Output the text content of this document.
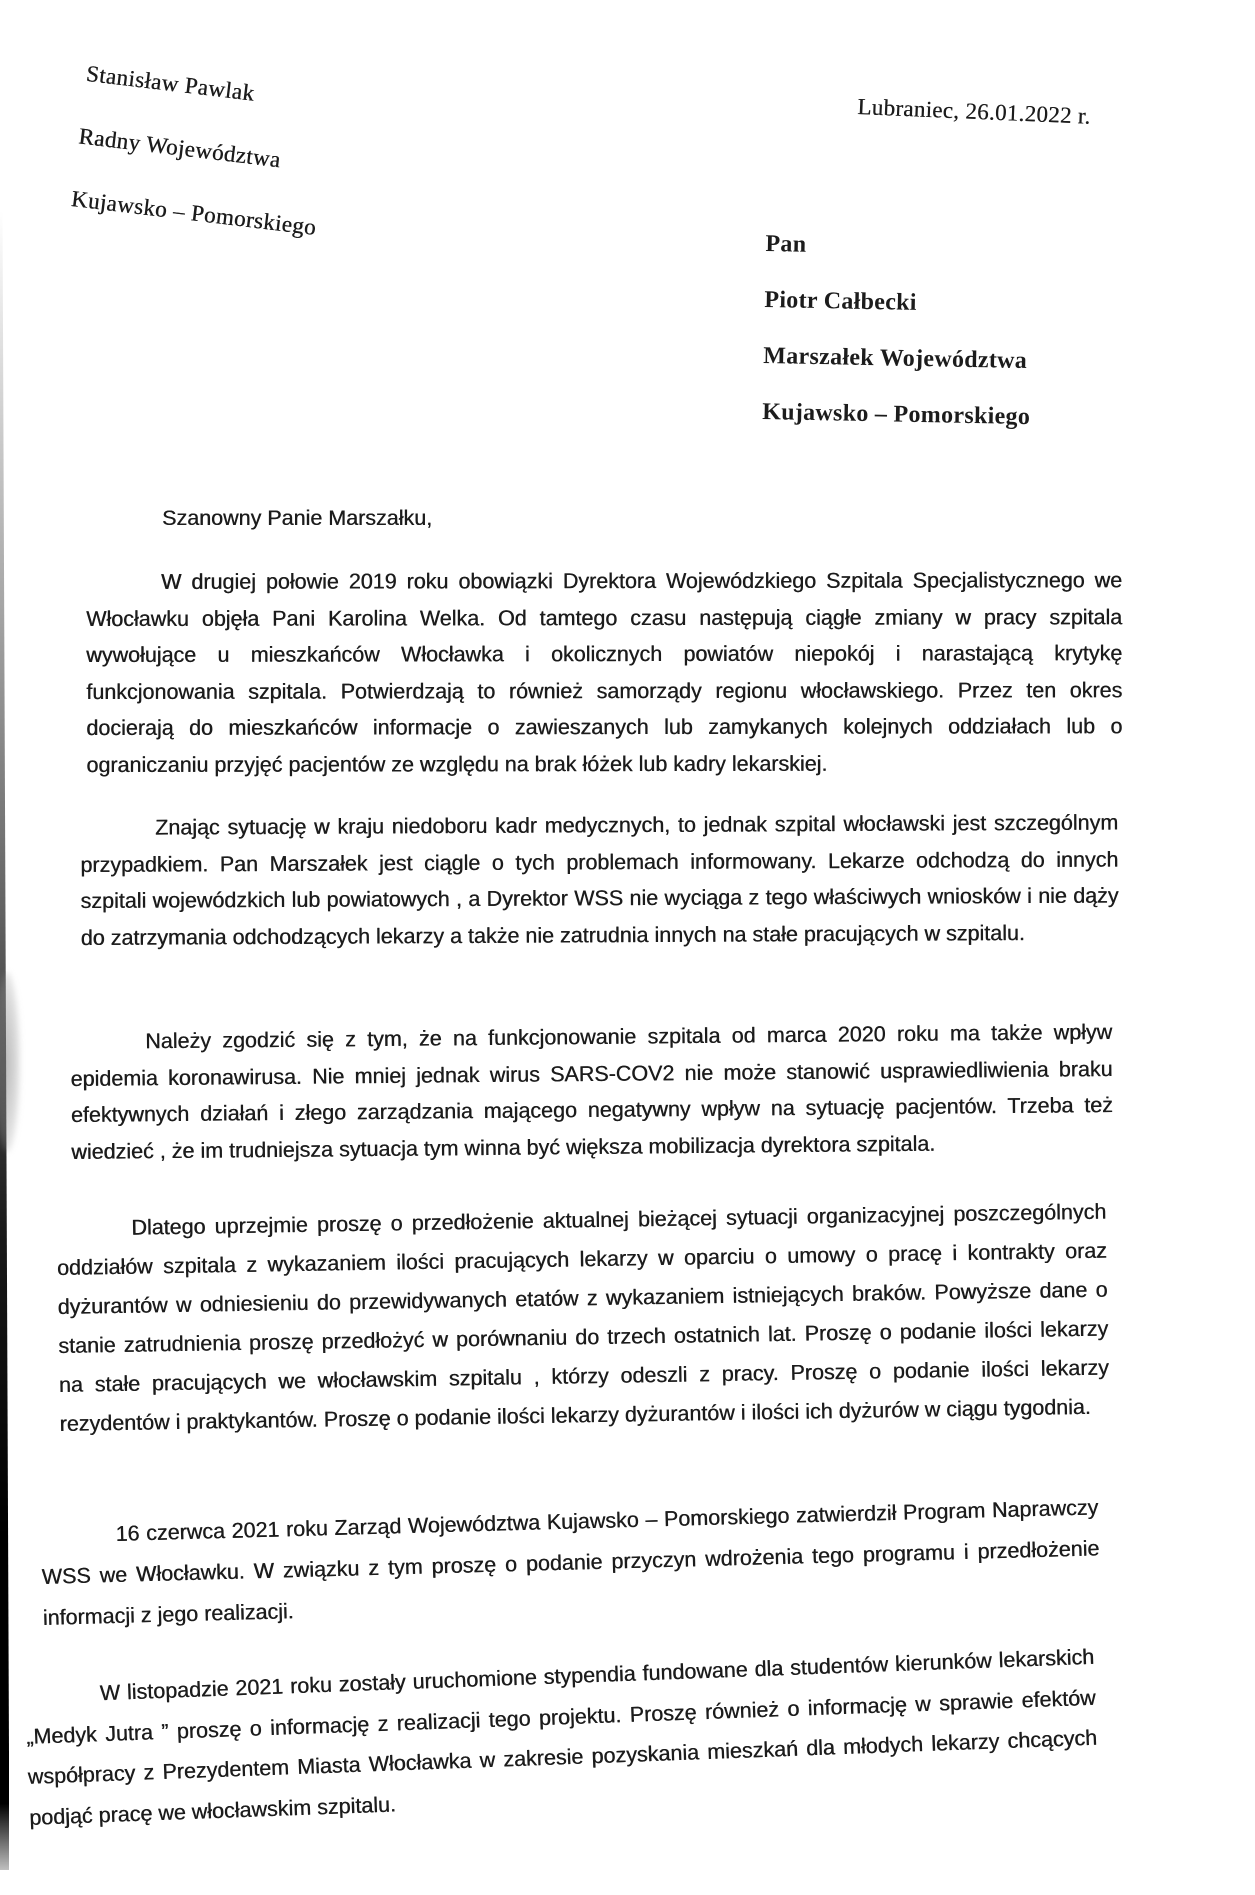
Stanisław Pawlak
Radny Województwa
Kujawsko – Pomorskiego
Lubraniec, 26.01.2022 r.
Pan
Piotr Całbecki
Marszałek Województwa
Kujawsko – Pomorskiego
Szanowny Panie Marszałku,
W drugiej połowie 2019 roku obowiązki Dyrektora Wojewódzkiego Szpitala Specjalistycznego we Włocławku objęła Pani Karolina Welka. Od tamtego czasu następują ciągłe zmiany w pracy szpitala wywołujące u mieszkańców Włocławka i okolicznych powiatów niepokój i narastającą krytykę funkcjonowania szpitala. Potwierdzają to również samorządy regionu włocławskiego. Przez ten okres docierają do mieszkańców informacje o zawieszanych lub zamykanych kolejnych oddziałach lub o ograniczaniu przyjęć pacjentów ze względu na brak łóżek lub kadry lekarskiej.
Znając sytuację w kraju niedoboru kadr medycznych, to jednak szpital włocławski jest szczególnym przypadkiem. Pan Marszałek jest ciągle o tych problemach informowany. Lekarze odchodzą do innych szpitali wojewódzkich lub powiatowych , a Dyrektor WSS nie wyciąga z tego właściwych wniosków i nie dąży do zatrzymania odchodzących lekarzy a także nie zatrudnia innych na stałe pracujących w szpitalu.
Należy zgodzić się z tym, że na funkcjonowanie szpitala od marca 2020 roku ma także wpływ epidemia koronawirusa. Nie mniej jednak wirus SARS-COV2 nie może stanowić usprawiedliwienia braku efektywnych działań i złego zarządzania mającego negatywny wpływ na sytuację pacjentów. Trzeba też wiedzieć , że im trudniejsza sytuacja tym winna być większa mobilizacja dyrektora szpitala.
Dlatego uprzejmie proszę o przedłożenie aktualnej bieżącej sytuacji organizacyjnej poszczególnych oddziałów szpitala z wykazaniem ilości pracujących lekarzy w oparciu o umowy o pracę i kontrakty oraz dyżurantów w odniesieniu do przewidywanych etatów z wykazaniem istniejących braków. Powyższe dane o stanie zatrudnienia proszę przedłożyć w porównaniu do trzech ostatnich lat. Proszę o podanie ilości lekarzy na stałe pracujących we włocławskim szpitalu , którzy odeszli z pracy. Proszę o podanie ilości lekarzy rezydentów i praktykantów. Proszę o podanie ilości lekarzy dyżurantów i ilości ich dyżurów w ciągu tygodnia.
16 czerwca 2021 roku Zarząd Województwa Kujawsko – Pomorskiego zatwierdził Program Naprawczy WSS we Włocławku. W związku z tym proszę o podanie przyczyn wdrożenia tego programu i przedłożenie informacji z jego realizacji.
W listopadzie 2021 roku zostały uruchomione stypendia fundowane dla studentów kierunków lekarskich „Medyk Jutra ” proszę o informację z realizacji tego projektu. Proszę również o informację w sprawie efektów współpracy z Prezydentem Miasta Włocławka w zakresie pozyskania mieszkań dla młodych lekarzy chcących podjąć pracę we włocławskim szpitalu.
